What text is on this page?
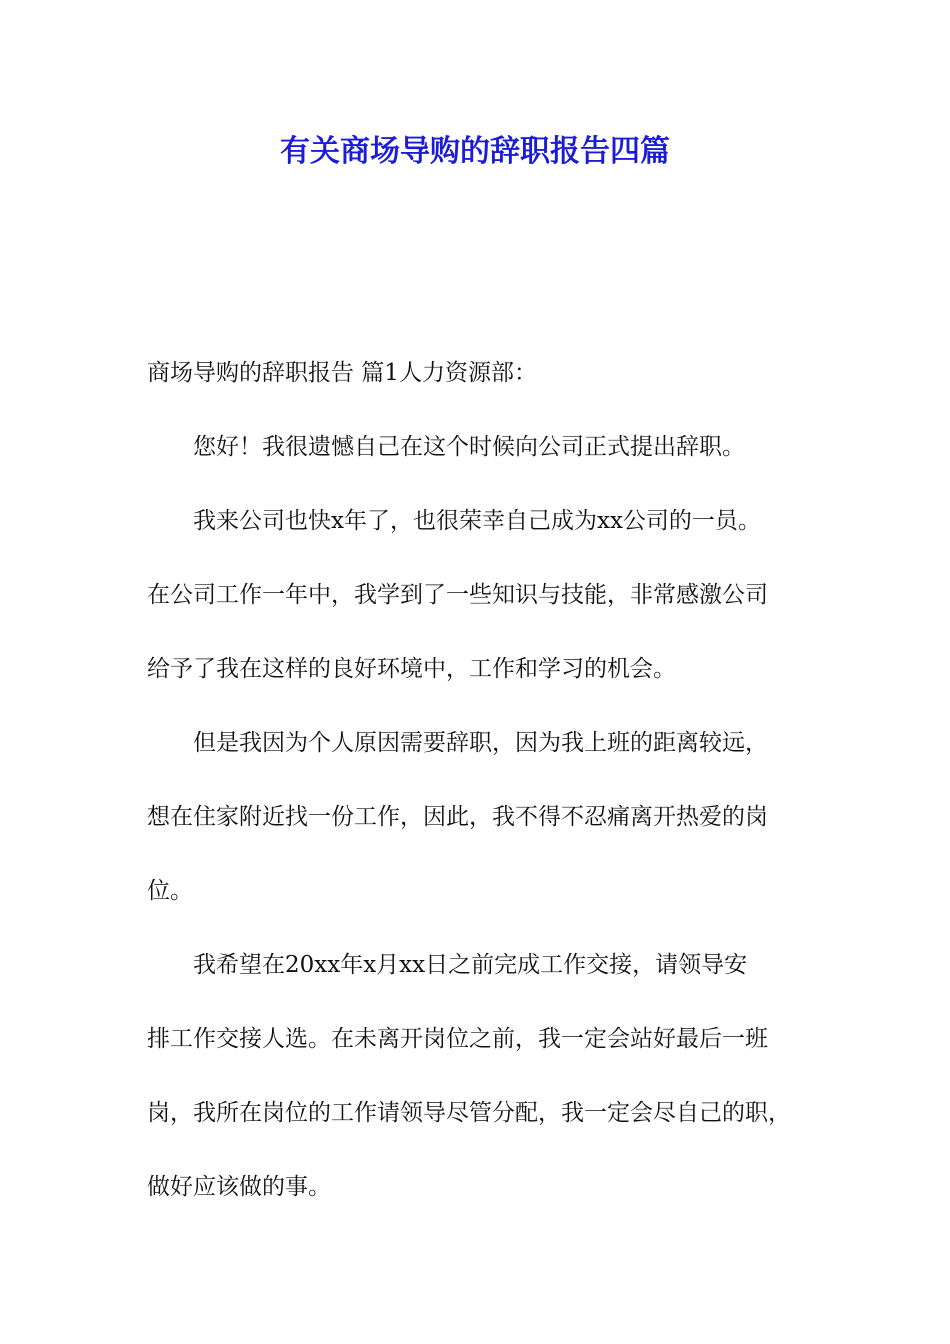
有关商场导购的辞职报告四篇

商场导购的辞职报告 篇1人力资源部：

您好！我很遗憾自己在这个时候向公司正式提出辞职。

我来公司也快x年了，也很荣幸自己成为xx公司的一员。

在公司工作一年中，我学到了一些知识与技能，非常感激公司

给予了我在这样的良好环境中，工作和学习的机会。

但是我因为个人原因需要辞职，因为我上班的距离较远，

想在住家附近找一份工作，因此，我不得不忍痛离开热爱的岗

位。

我希望在20xx年x月xx日之前完成工作交接，请领导安

排工作交接人选。在未离开岗位之前，我一定会站好最后一班

岗，我所在岗位的工作请领导尽管分配，我一定会尽自己的职，

做好应该做的事。
